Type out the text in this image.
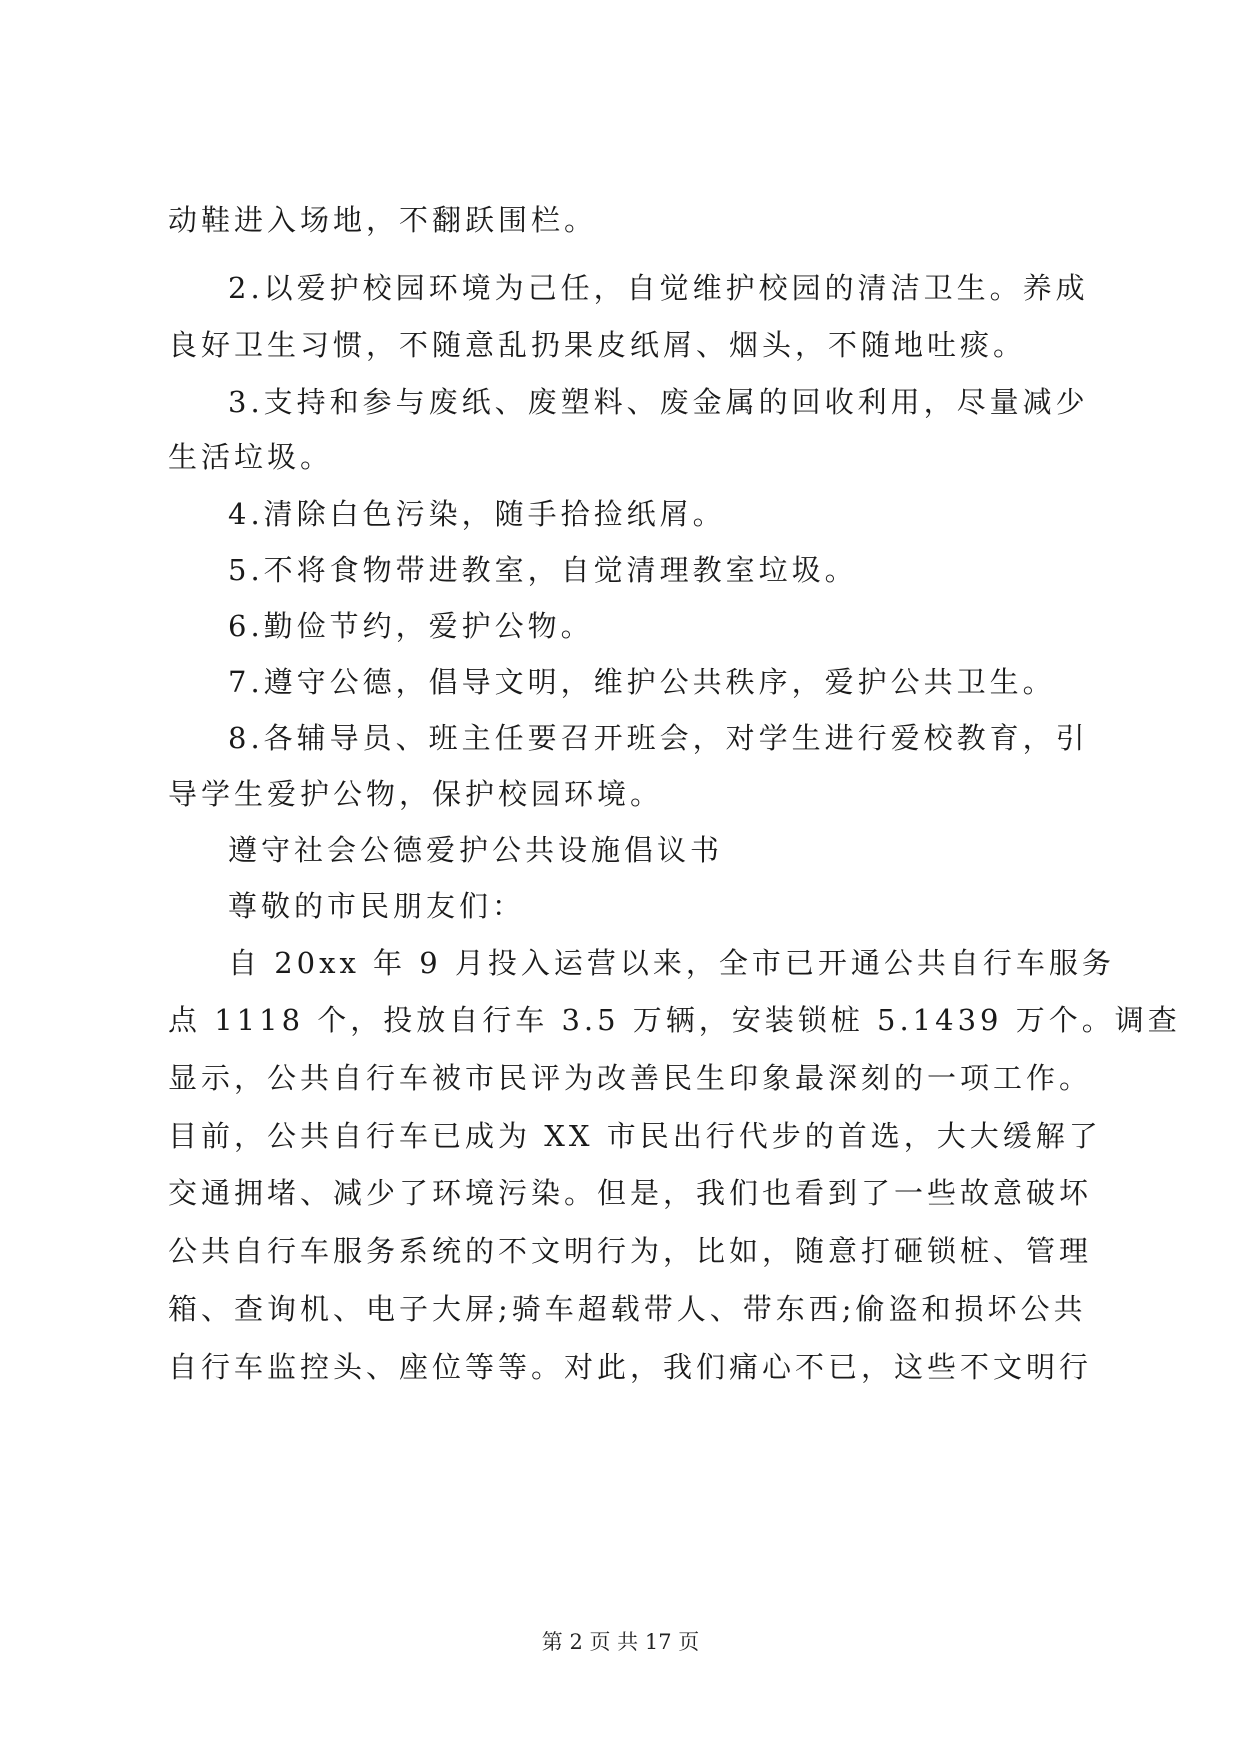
动鞋进入场地，不翻跃围栏。
2.以爱护校园环境为己任，自觉维护校园的清洁卫生。养成
良好卫生习惯，不随意乱扔果皮纸屑、烟头，不随地吐痰。
3.支持和参与废纸、废塑料、废金属的回收利用，尽量减少
生活垃圾。
4.清除白色污染，随手拾捡纸屑。
5.不将食物带进教室，自觉清理教室垃圾。
6.勤俭节约，爱护公物。
7.遵守公德，倡导文明，维护公共秩序，爱护公共卫生。
8.各辅导员、班主任要召开班会，对学生进行爱校教育，引
导学生爱护公物，保护校园环境。
遵守社会公德爱护公共设施倡议书
尊敬的市民朋友们：
自 20xx 年 9 月投入运营以来，全市已开通公共自行车服务
点 1118 个，投放自行车 3.5 万辆，安装锁桩 5.1439 万个。调查
显示，公共自行车被市民评为改善民生印象最深刻的一项工作。
目前，公共自行车已成为 XX 市民出行代步的首选，大大缓解了
交通拥堵、减少了环境污染。但是，我们也看到了一些故意破坏
公共自行车服务系统的不文明行为，比如，随意打砸锁桩、管理
箱、查询机、电子大屏;骑车超载带人、带东西;偷盗和损坏公共
自行车监控头、座位等等。对此，我们痛心不已，这些不文明行
第 2 页 共 17 页
